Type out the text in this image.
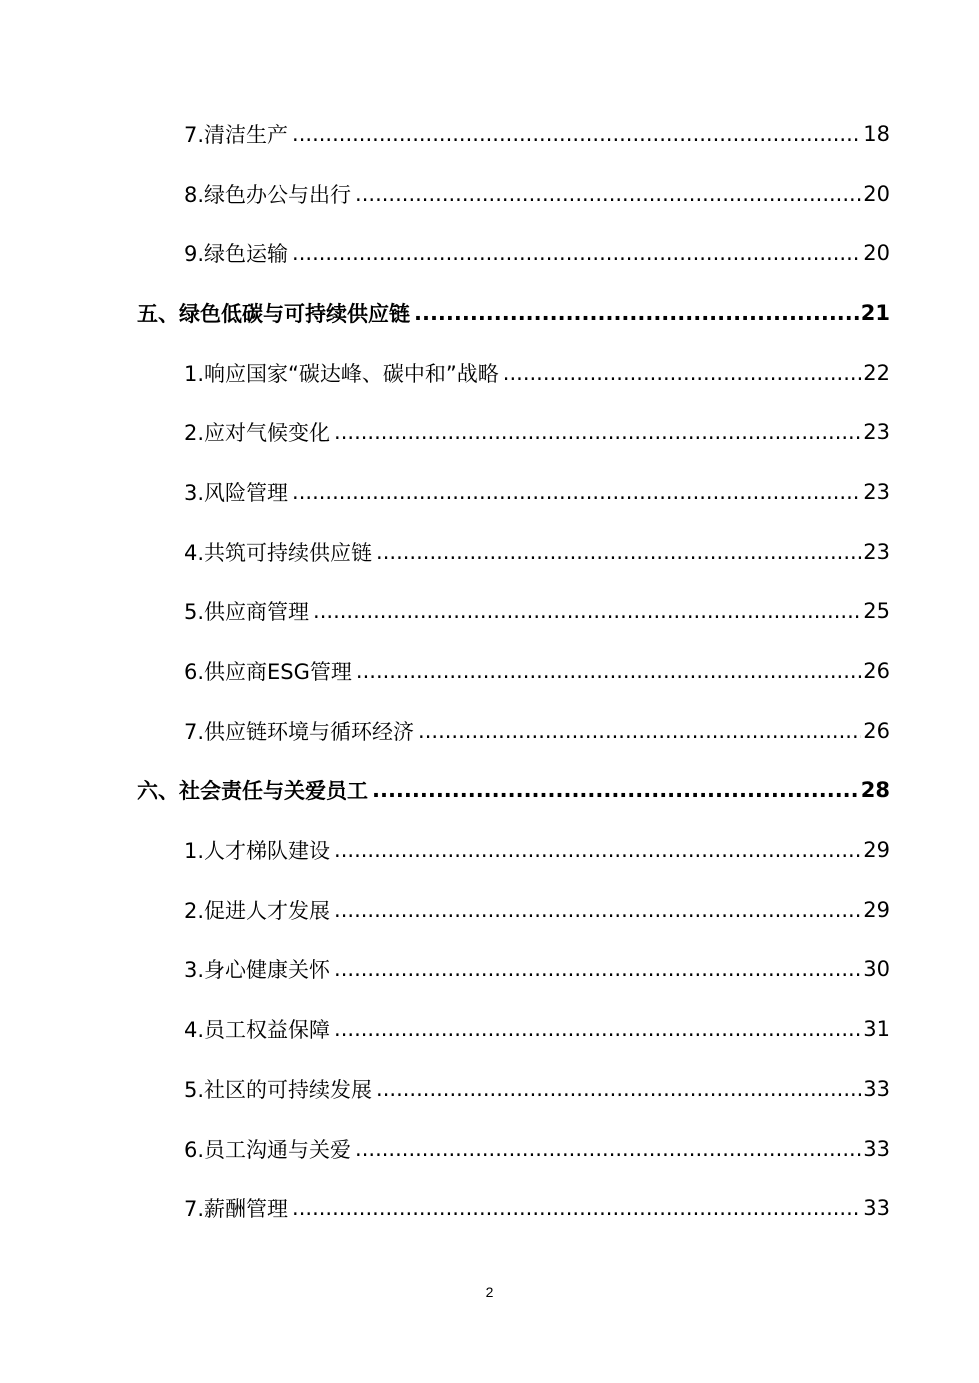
7.清洁生产 .....	18
8.绿色办公与出行 .....	20
9.绿色运输 .....	20
五、绿色低碳与可持续供应链 .....	21
1.响应国家“碳达峰、碳中和”战略 .....	22
2.应对气候变化 .....	23
3.风险管理 .....	23
4.共筑可持续供应链 .....	23
5.供应商管理 .....	25
6.供应商ESG管理 .....	26
7.供应链环境与循环经济 .....	26
六、社会责任与关爱员工 .....	28
1.人才梯队建设 .....	29
2.促进人才发展 .....	29
3.身心健康关怀 .....	30
4.员工权益保障 .....	31
5.社区的可持续发展 .....	33
6.员工沟通与关爱 .....	33
7.薪酬管理 .....	33
2
